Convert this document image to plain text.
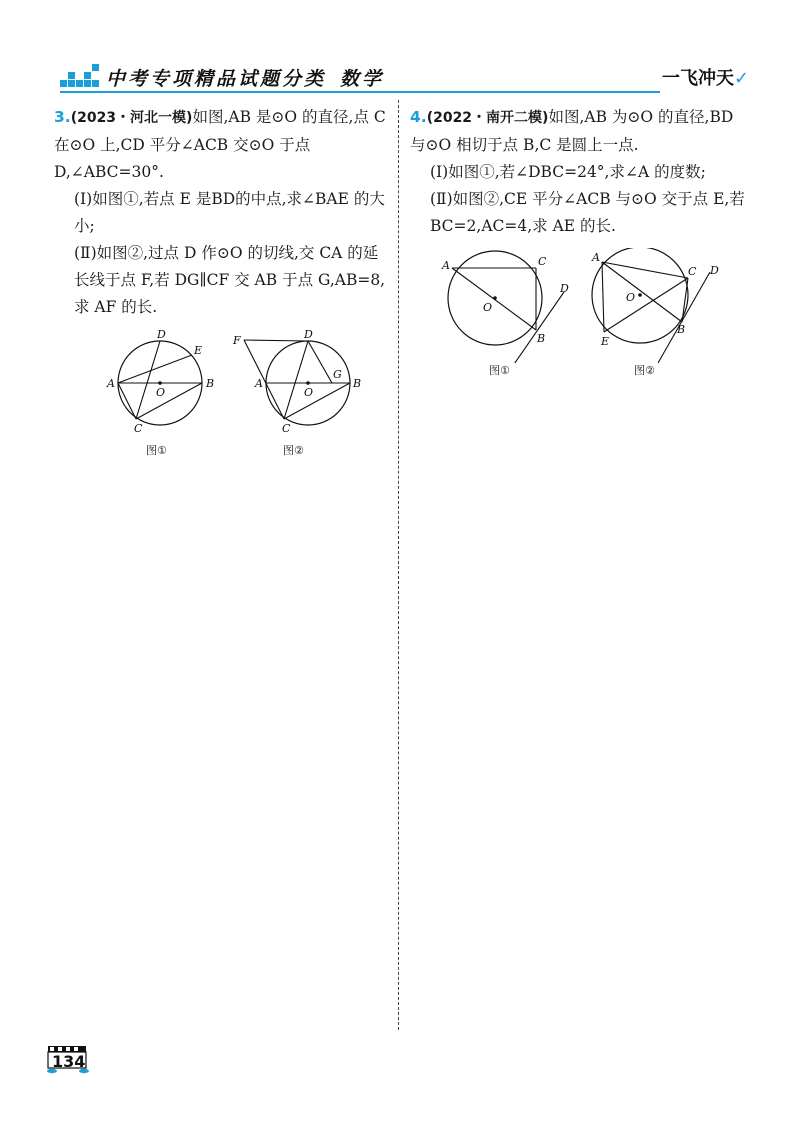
中考专项精品试题分类 数学	一飞冲天✓

3.(2023・河北一模)如图,AB 是⊙O 的直径,点 C 在⊙O 上,CD 平分∠ACB 交⊙O 于点 D,∠ABC=30°.

(Ⅰ)如图①,若点 E 是BD的中点,求∠BAE 的大小;

(Ⅱ)如图②,过点 D 作⊙O 的切线,交 CA 的延长线于点 F,若 DG∥CF 交 AB 于点 G,AB=8,求 AF 的长.

D
E
A	B
O
C
图①
F	D
G
A	B
O
C
图②

4.(2022・南开二模)如图,AB 为⊙O 的直径,BD 与⊙O 相切于点 B,C 是圆上一点.

(Ⅰ)如图①,若∠DBC=24°,求∠A 的度数;

(Ⅱ)如图②,CE 平分∠ACB 与⊙O 交于点 E,若 BC=2,AC=4,求 AE 的长.

A	C
D
O
B
图①
A
C D
O
B
E
图②
134
